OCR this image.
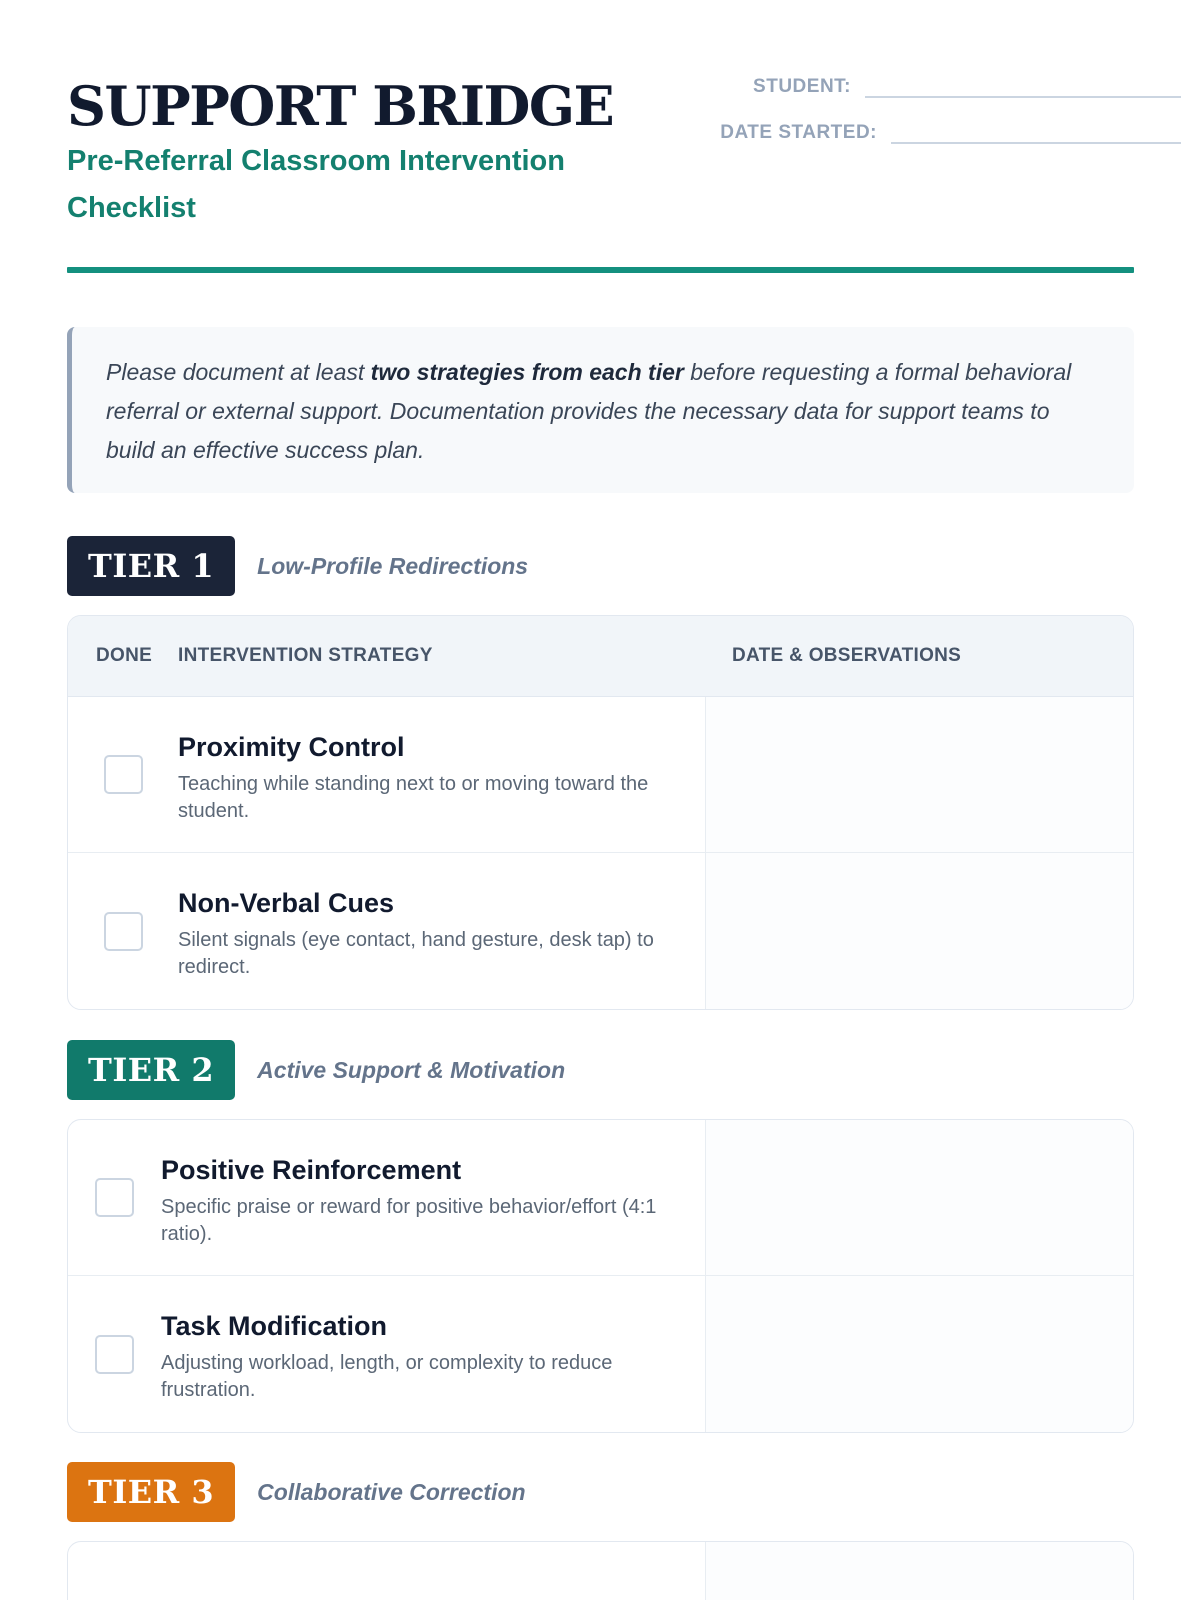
SUPPORT BRIDGE
Pre-Referral Classroom Intervention Checklist
STUDENT:
DATE STARTED:

Please document at least two strategies from each tier before requesting a formal behavioral referral or external support. Documentation provides the necessary data for support teams to build an effective success plan.

TIER 1	Low-Profile Redirections
DONE	INTERVENTION STRATEGY	DATE & OBSERVATIONS
Proximity Control
Teaching while standing next to or moving toward the student.
Non-Verbal Cues
Silent signals (eye contact, hand gesture, desk tap) to redirect.
TIER 2	Active Support & Motivation
Positive Reinforcement
Specific praise or reward for positive behavior/effort (4:1 ratio).
Task Modification
Adjusting workload, length, or complexity to reduce frustration.
TIER 3	Collaborative Correction
